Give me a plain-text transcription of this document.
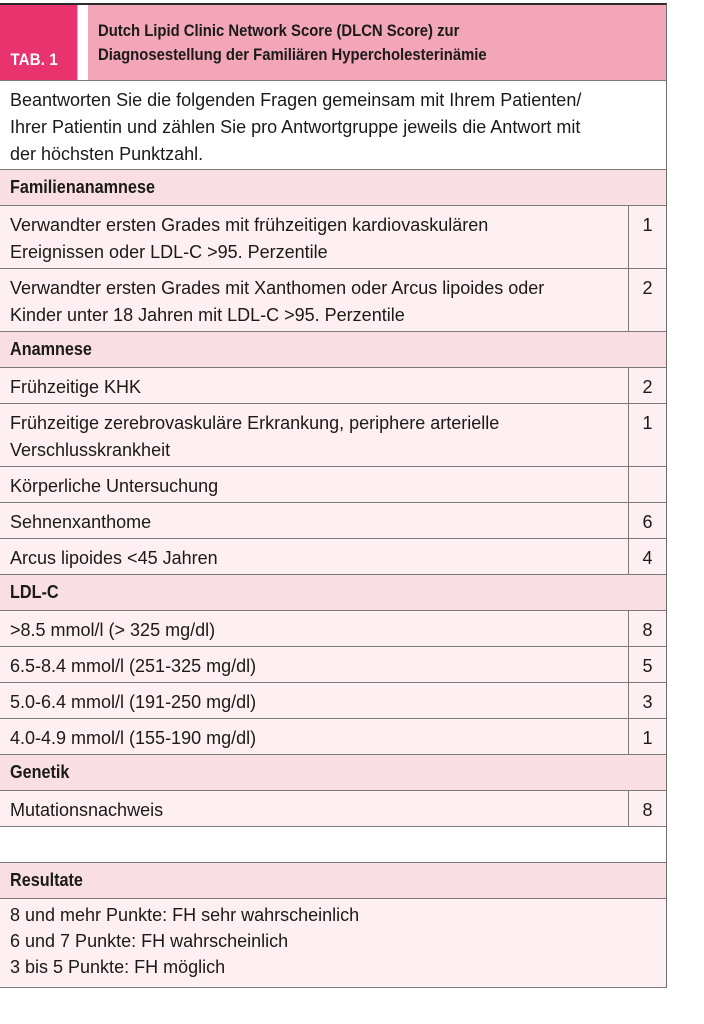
TAB. 1
Dutch Lipid Clinic Network Score (DLCN Score) zur
Diagnosestellung der Familiären Hypercholesterinämie
Beantworten Sie die folgenden Fragen gemeinsam mit Ihrem Patienten/
Ihrer Patientin und zählen Sie pro Antwortgruppe jeweils die Antwort mit
der höchsten Punktzahl.
Familienanamnese
Verwandter ersten Grades mit frühzeitigen kardiovaskulären
Ereignissen oder LDL-C >95. Perzentile
1
Verwandter ersten Grades mit Xanthomen oder Arcus lipoides oder
Kinder unter 18 Jahren mit LDL-C >95. Perzentile
2
Anamnese
Frühzeitige KHK	2
Frühzeitige zerebrovaskuläre Erkrankung, periphere arterielle
Verschlusskrankheit
1
Körperliche Untersuchung
Sehnenxanthome	6
Arcus lipoides <45 Jahren	4
LDL-C
>8.5 mmol/l (> 325 mg/dl)	8
6.5-8.4 mmol/l (251-325 mg/dl)	5
5.0-6.4 mmol/l (191-250 mg/dl)	3
4.0-4.9 mmol/l (155-190 mg/dl)	1
Genetik
Mutationsnachweis	8
Resultate
8 und mehr Punkte: FH sehr wahrscheinlich
6 und 7 Punkte: FH wahrscheinlich
3 bis 5 Punkte: FH möglich
